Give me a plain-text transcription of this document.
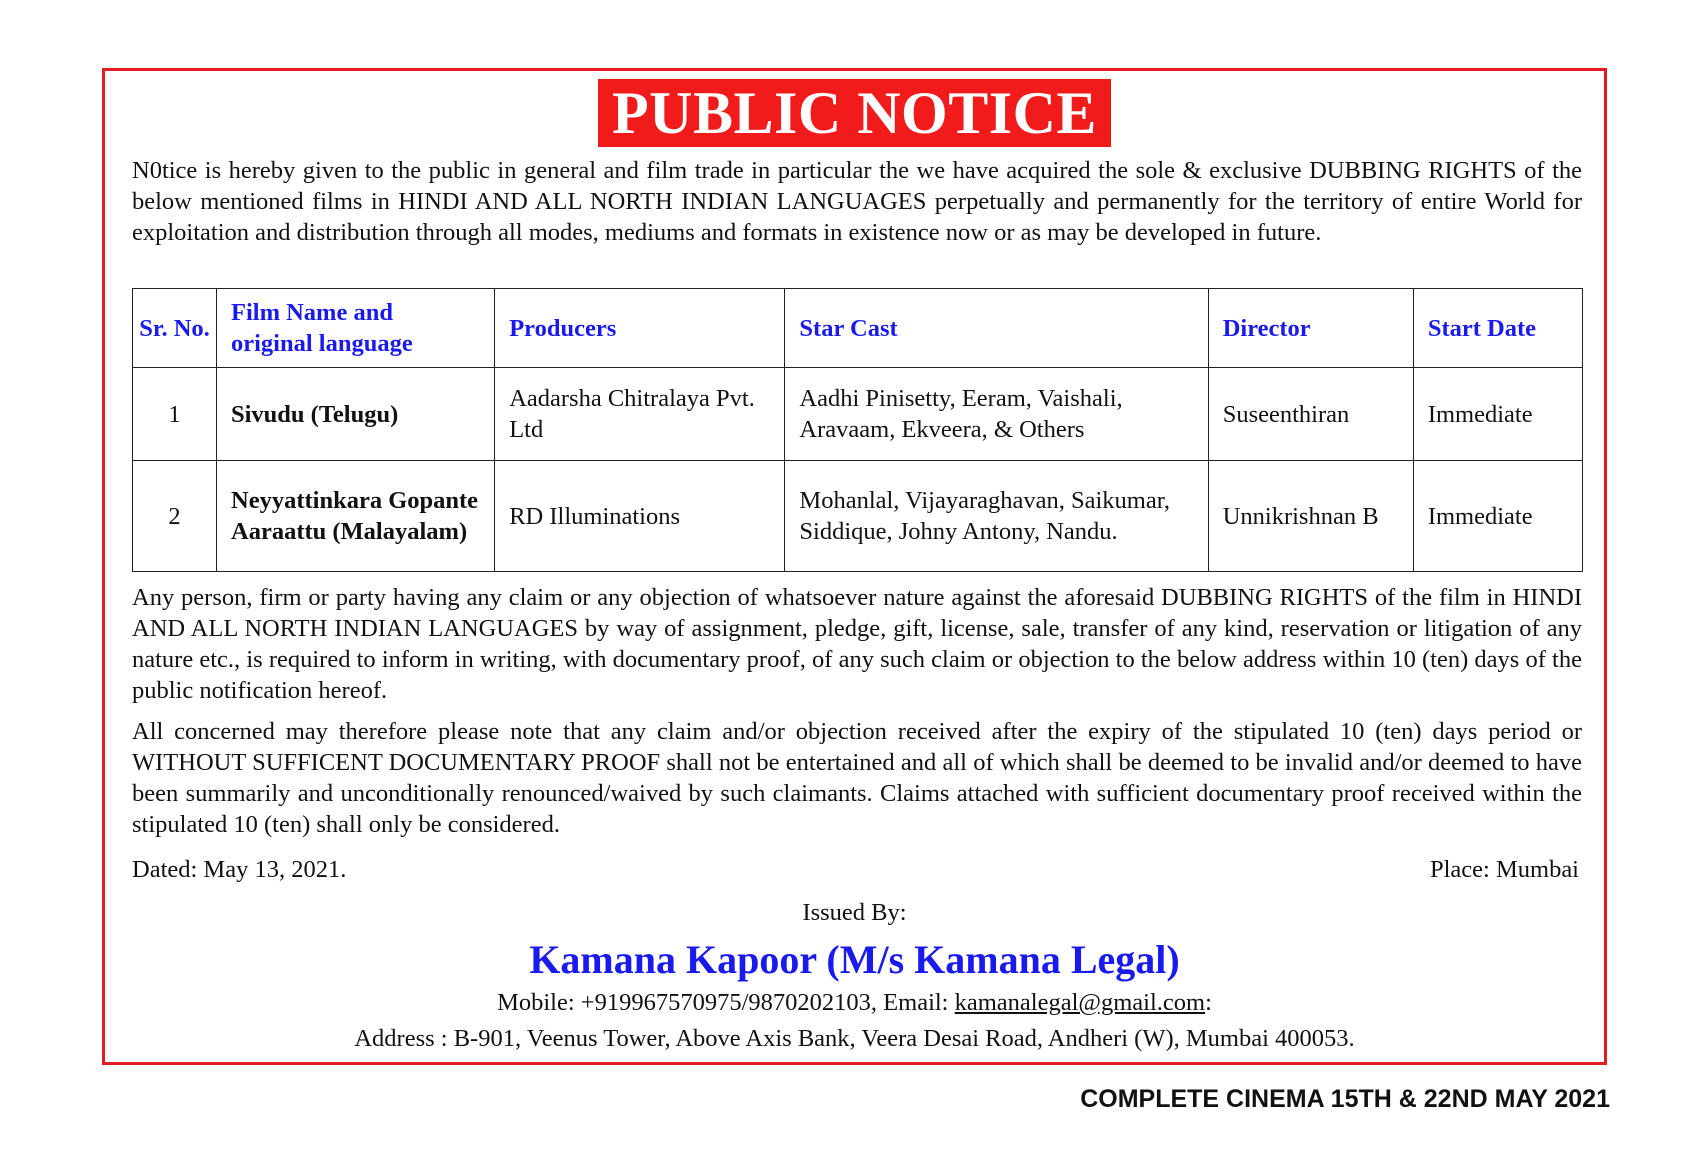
PUBLIC NOTICE

N0tice is hereby given to the public in general and film trade in particular the we have acquired the sole & exclusive DUBBING RIGHTS of the below mentioned films in HINDI AND ALL NORTH INDIAN LANGUAGES perpetually and permanently for the territory of entire World for exploitation and distribution through all modes, mediums and formats in existence now or as may be developed in future.

Sr. No.	Film Name and original language	Producers	Star Cast	Director	Start Date
1	Sivudu (Telugu)	Aadarsha Chitralaya Pvt. Ltd	Aadhi Pinisetty, Eeram, Vaishali, Aravaam, Ekveera, & Others	Suseenthiran	Immediate
2	Neyyattinkara Gopante Aaraattu (Malayalam)	RD Illuminations	Mohanlal, Vijayaraghavan, Saikumar, Siddique, Johny Antony, Nandu.	Unnikrishnan B	Immediate

Any person, firm or party having any claim or any objection of whatsoever nature against the aforesaid DUBBING RIGHTS of the film in HINDI AND ALL NORTH INDIAN LANGUAGES by way of assignment, pledge, gift, license, sale, transfer of any kind, reservation or litigation of any nature etc., is required to inform in writing, with documentary proof, of any such claim or objection to the below address within 10 (ten) days of the public notification hereof.

All concerned may therefore please note that any claim and/or objection received after the expiry of the stipulated 10 (ten) days period or WITHOUT SUFFICENT DOCUMENTARY PROOF shall not be entertained and all of which shall be deemed to be invalid and/or deemed to have been summarily and unconditionally renounced/waived by such claimants. Claims attached with sufficient documentary proof received within the stipulated 10 (ten) shall only be considered.

Dated: May 13, 2021.	Place: Mumbai
Issued By:
Kamana Kapoor (M/s Kamana Legal)
Mobile: +919967570975/9870202103, Email: kamanalegal@gmail.com:
Address : B-901, Veenus Tower, Above Axis Bank, Veera Desai Road, Andheri (W), Mumbai 400053.
COMPLETE CINEMA 15TH & 22ND MAY 2021
